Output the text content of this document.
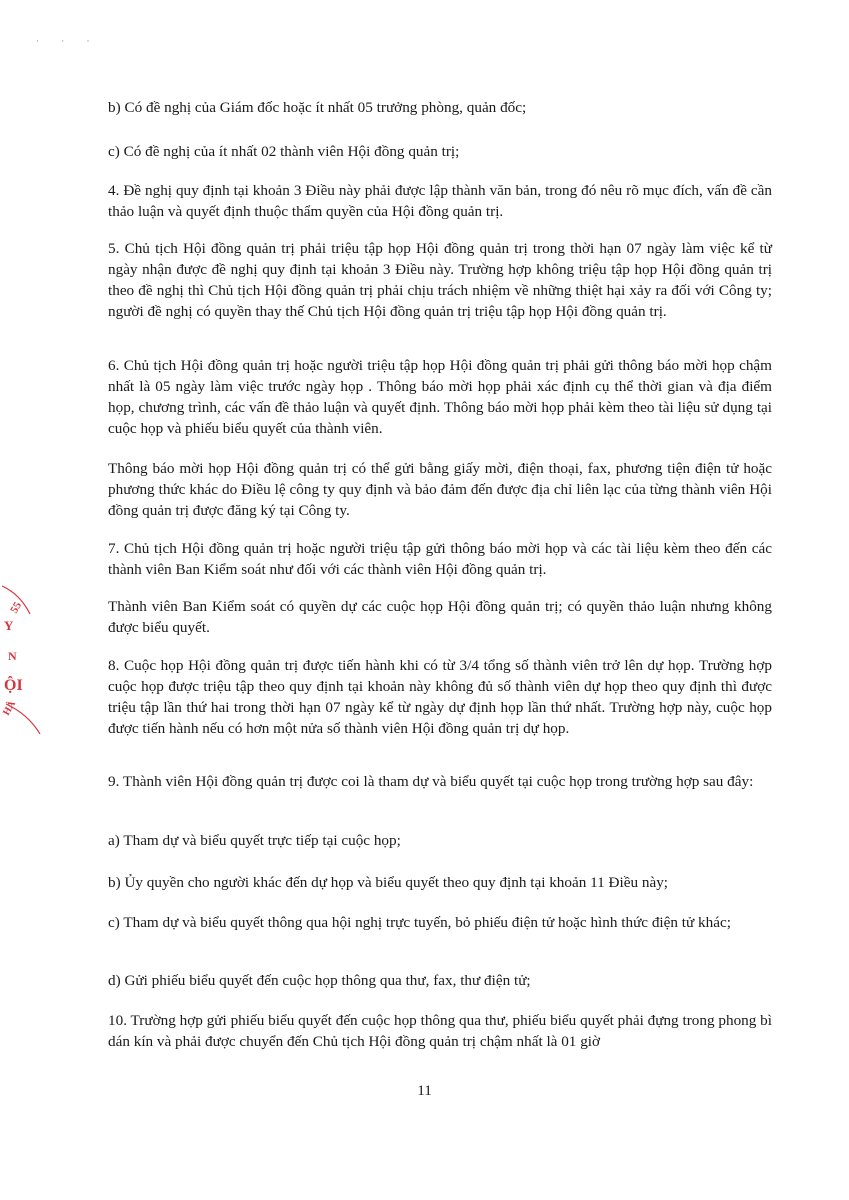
· · ·

b) Có đề nghị của Giám đốc hoặc ít nhất 05 trưởng phòng, quản đốc;

c) Có đề nghị của ít nhất 02 thành viên Hội đồng quản trị;

4. Đề nghị quy định tại khoản 3 Điều này phải được lập thành văn bản, trong đó nêu rõ mục đích, vấn đề cần thảo luận và quyết định thuộc thẩm quyền của Hội đồng quản trị.

5. Chủ tịch Hội đồng quản trị phải triệu tập họp Hội đồng quản trị trong thời hạn 07 ngày làm việc kể từ ngày nhận được đề nghị quy định tại khoản 3 Điều này. Trường hợp không triệu tập họp Hội đồng quản trị theo đề nghị thì Chủ tịch Hội đồng quản trị phải chịu trách nhiệm về những thiệt hại xảy ra đối với Công ty; người đề nghị có quyền thay thế Chủ tịch Hội đồng quản trị triệu tập họp Hội đồng quản trị.

6. Chủ tịch Hội đồng quản trị hoặc người triệu tập họp Hội đồng quản trị phải gửi thông báo mời họp chậm nhất là 05 ngày làm việc trước ngày họp . Thông báo mời họp phải xác định cụ thể thời gian và địa điểm họp, chương trình, các vấn đề thảo luận và quyết định. Thông báo mời họp phải kèm theo tài liệu sử dụng tại cuộc họp và phiếu biểu quyết của thành viên.

Thông báo mời họp Hội đồng quản trị có thể gửi bằng giấy mời, điện thoại, fax, phương tiện điện tử hoặc phương thức khác do Điều lệ công ty quy định và bảo đảm đến được địa chỉ liên lạc của từng thành viên Hội đồng quản trị được đăng ký tại Công ty.

7. Chủ tịch Hội đồng quản trị hoặc người triệu tập gửi thông báo mời họp và các tài liệu kèm theo đến các thành viên Ban Kiểm soát như đối với các thành viên Hội đồng quản trị.

Thành viên Ban Kiểm soát có quyền dự các cuộc họp Hội đồng quản trị; có quyền thảo luận nhưng không được biểu quyết.

8. Cuộc họp Hội đồng quản trị được tiến hành khi có từ 3/4 tổng số thành viên trở lên dự họp. Trường hợp cuộc họp được triệu tập theo quy định tại khoản này không đủ số thành viên dự họp theo quy định thì được triệu tập lần thứ hai trong thời hạn 07 ngày kể từ ngày dự định họp lần thứ nhất. Trường hợp này, cuộc họp được tiến hành nếu có hơn một nửa số thành viên Hội đồng quản trị dự họp.

9. Thành viên Hội đồng quản trị được coi là tham dự và biểu quyết tại cuộc họp trong trường hợp sau đây:

a) Tham dự và biểu quyết trực tiếp tại cuộc họp;

b) Ủy quyền cho người khác đến dự họp và biểu quyết theo quy định tại khoản 11 Điều này;

c) Tham dự và biểu quyết thông qua hội nghị trực tuyến, bỏ phiếu điện tử hoặc hình thức điện tử khác;

d) Gửi phiếu biểu quyết đến cuộc họp thông qua thư, fax, thư điện tử;

10. Trường hợp gửi phiếu biểu quyết đến cuộc họp thông qua thư, phiếu biểu quyết phải đựng trong phong bì dán kín và phải được chuyển đến Chủ tịch Hội đồng quản trị chậm nhất là 01 giờ

11
55
Y
N
ỘI
HÀ
